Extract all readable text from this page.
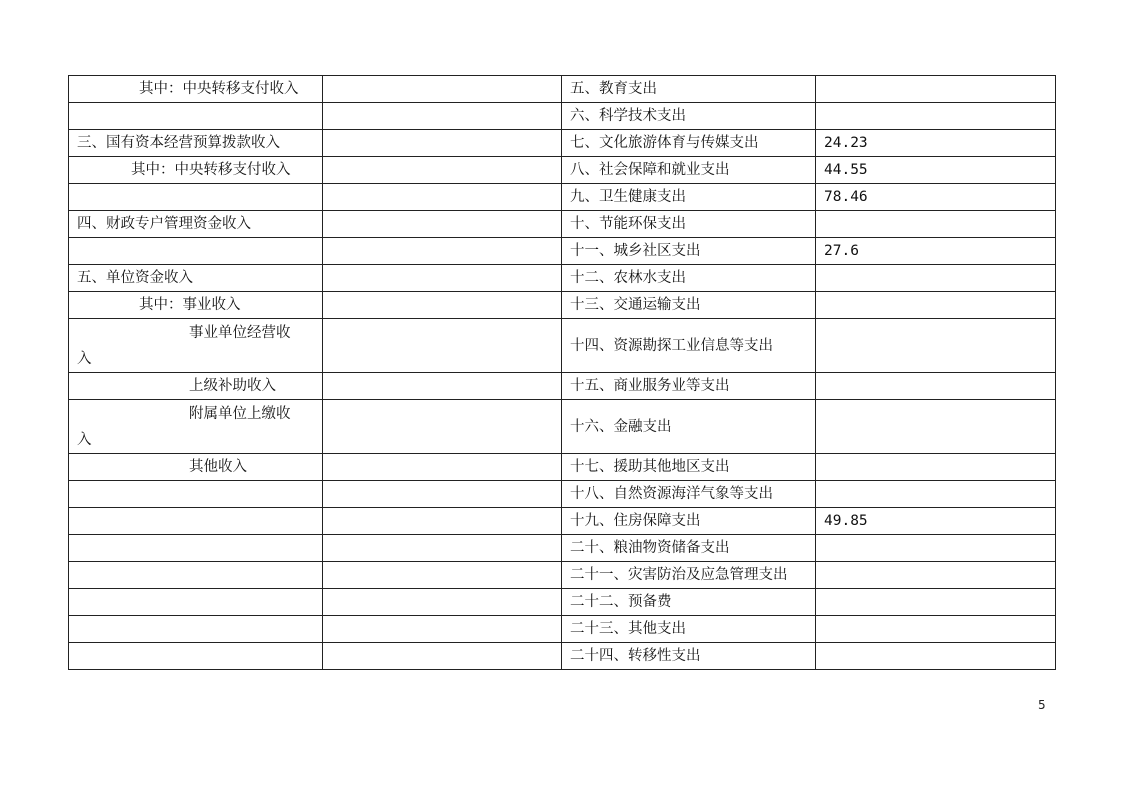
其中：中央转移支付收入		五、教育支出	
		六、科学技术支出	
三、国有资本经营预算拨款收入		七、文化旅游体育与传媒支出	24.23
其中：中央转移支付收入		八、社会保障和就业支出	44.55
		九、卫生健康支出	78.46
四、财政专户管理资金收入		十、节能环保支出	
		十一、城乡社区支出	27.6
五、单位资金收入		十二、农林水支出	
其中：事业收入		十三、交通运输支出	

事业单位经营收
入		十四、资源勘探工业信息等支出	
上级补助收入		十五、商业服务业等支出	

附属单位上缴收
入		十六、金融支出	
其他收入		十七、援助其他地区支出	
		十八、自然资源海洋气象等支出	
		十九、住房保障支出	49.85
		二十、粮油物资储备支出	
		二十一、灾害防治及应急管理支出	
		二十二、预备费	
		二十三、其他支出	
		二十四、转移性支出	
5
